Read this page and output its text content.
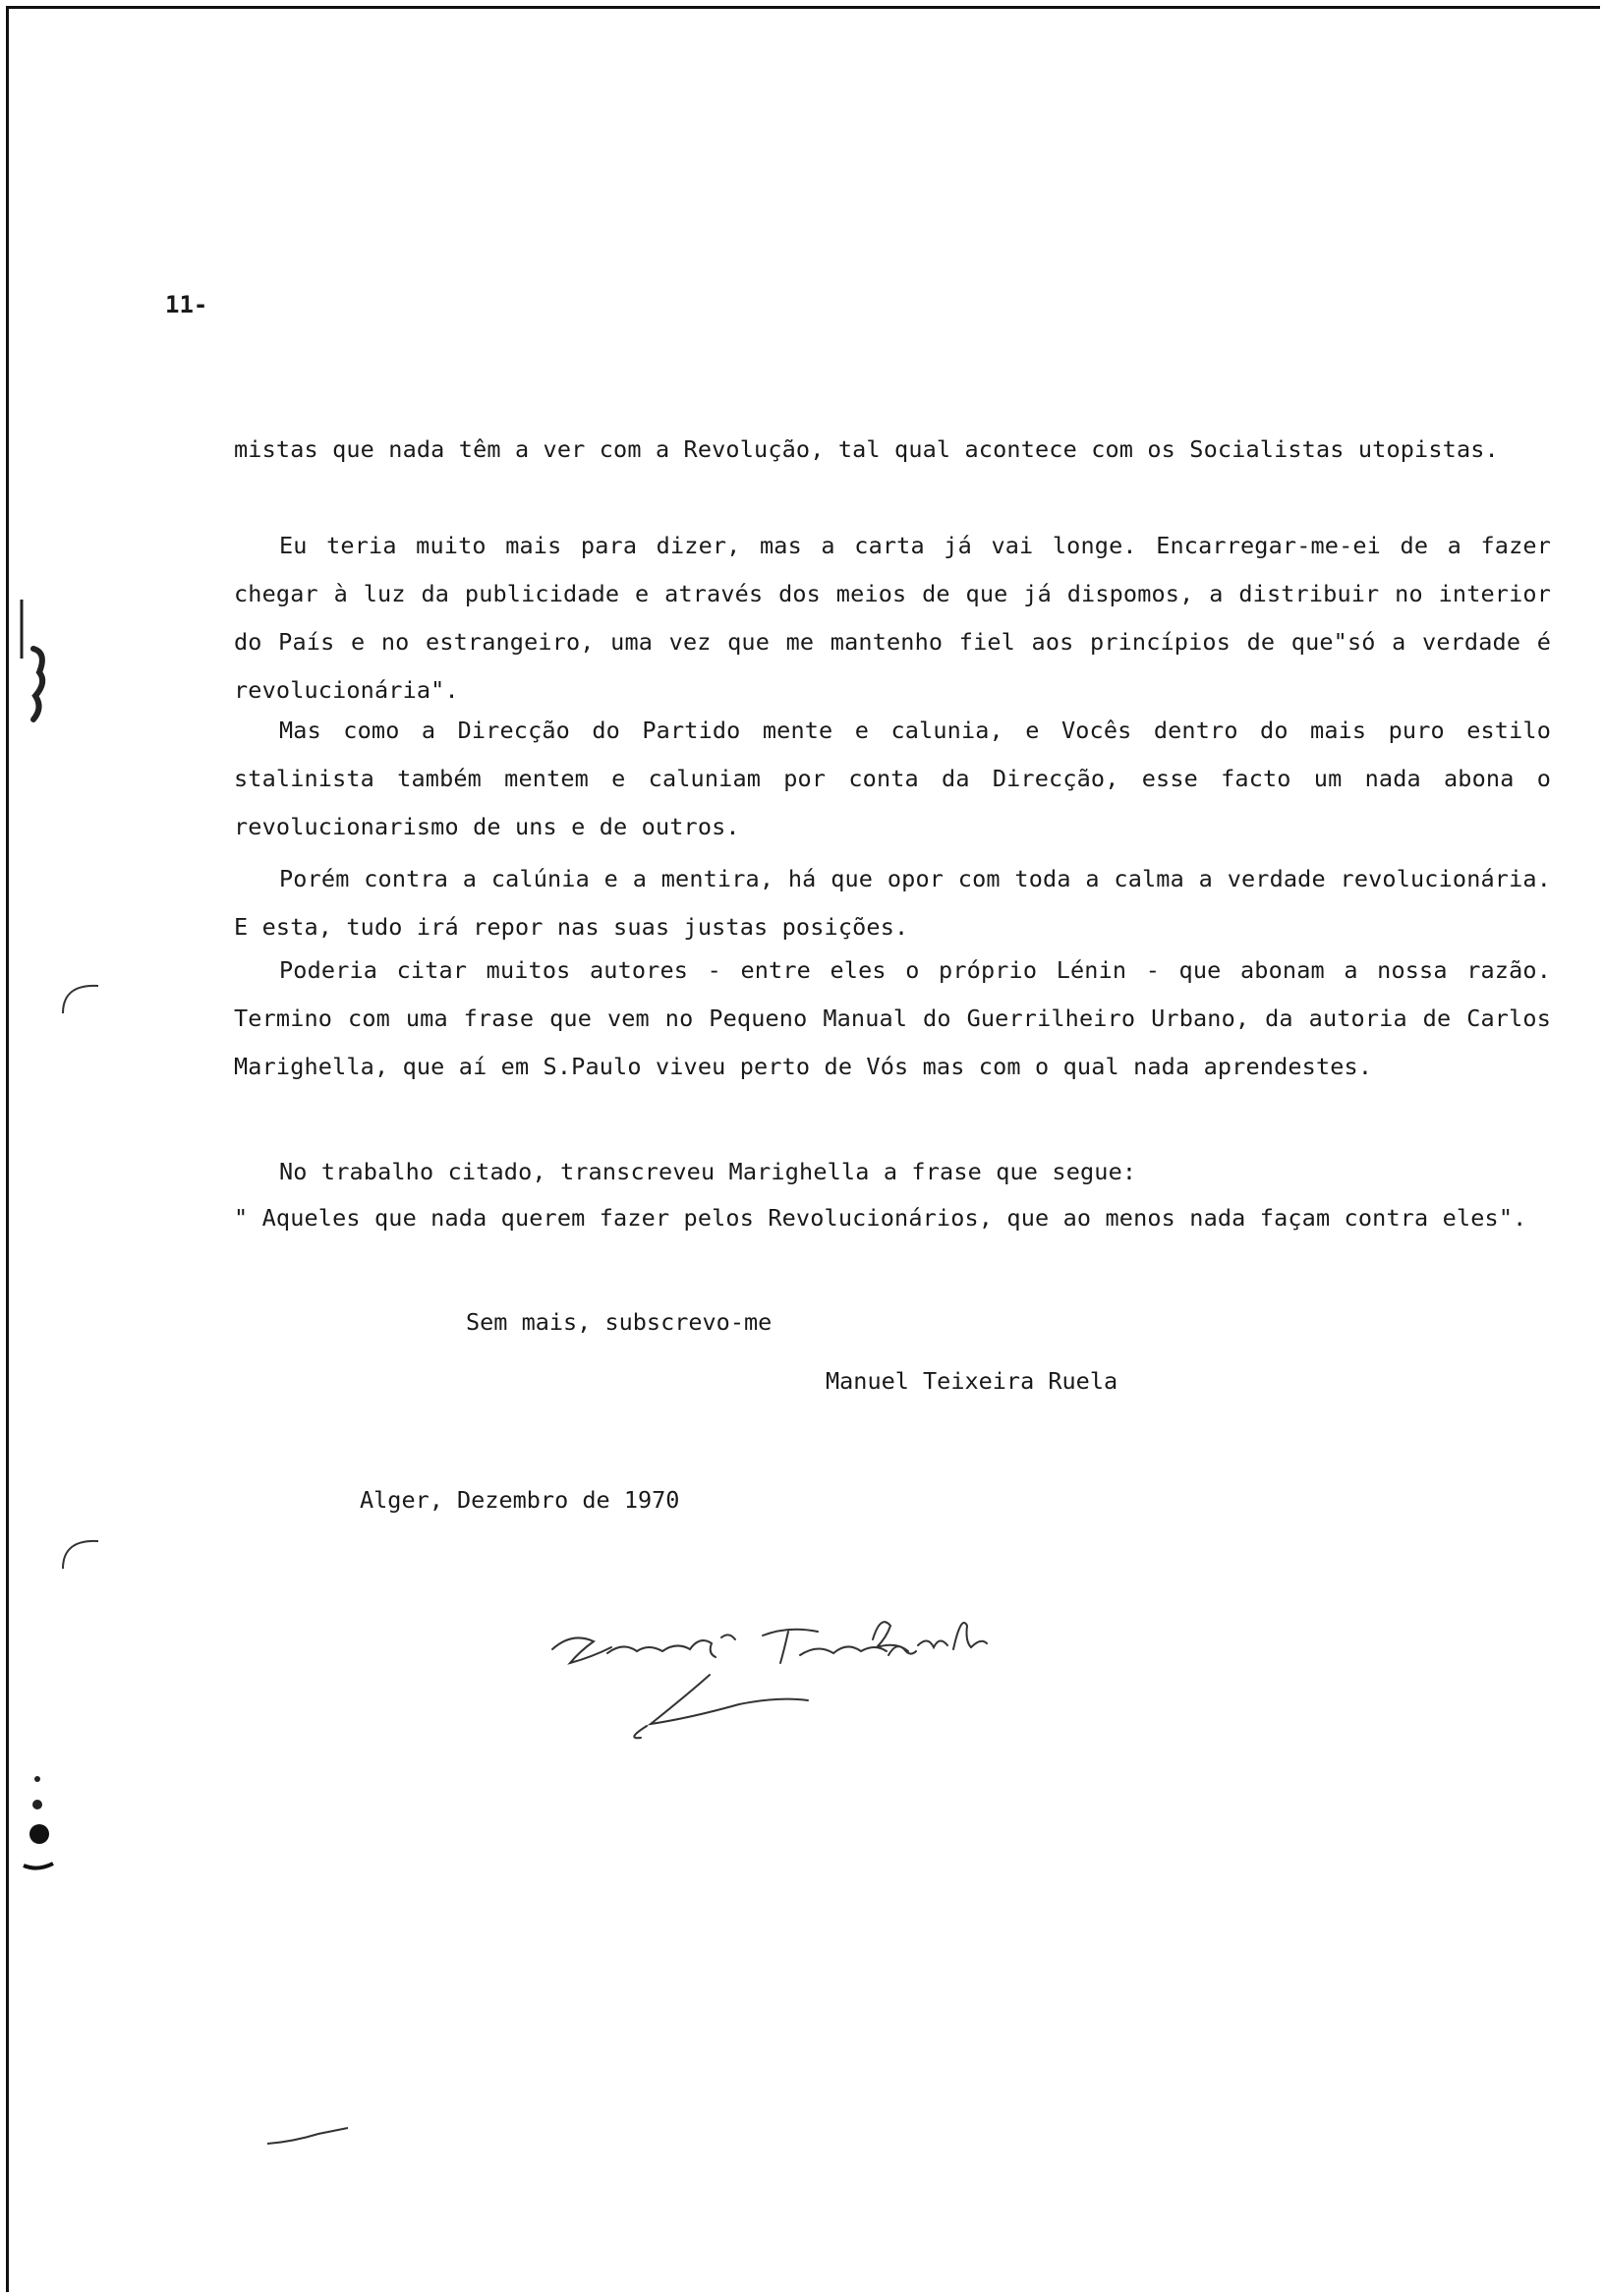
11-

mistas que nada têm a ver com a Revolução, tal qual acontece com os Socialistas utopistas.

Eu teria muito mais para dizer, mas a carta já vai longe. Encarregar-me-ei de a fazer chegar à luz da publicidade e através dos meios de que já dispomos, a distribuir no interior do País e no estrangeiro, uma vez que me mantenho fiel aos princípios de que"só a verdade é revolucionária".

Mas como a Direcção do Partido mente e calunia, e Vocês dentro do mais puro estilo stalinista também mentem e caluniam por conta da Direcção, esse facto um nada abona o revolucionarismo de uns e de outros.

Porém contra a calúnia e a mentira, há que opor com toda a calma a verdade revolucionária. E esta, tudo irá repor nas suas justas posições.

Poderia citar muitos autores - entre eles o próprio Lénin - que abonam a nossa razão. Termino com uma frase que vem no Pequeno Manual do Guerrilheiro Urbano, da autoria de Carlos Marighella, que aí em S.Paulo viveu perto de Vós mas com o qual nada aprendestes.

No trabalho citado, transcreveu Marighella a frase que segue:

" Aqueles que nada querem fazer pelos Revolucionários, que ao menos nada façam contra eles".

Sem mais, subscrevo-me
Manuel Teixeira Ruela
Alger, Dezembro de 1970
